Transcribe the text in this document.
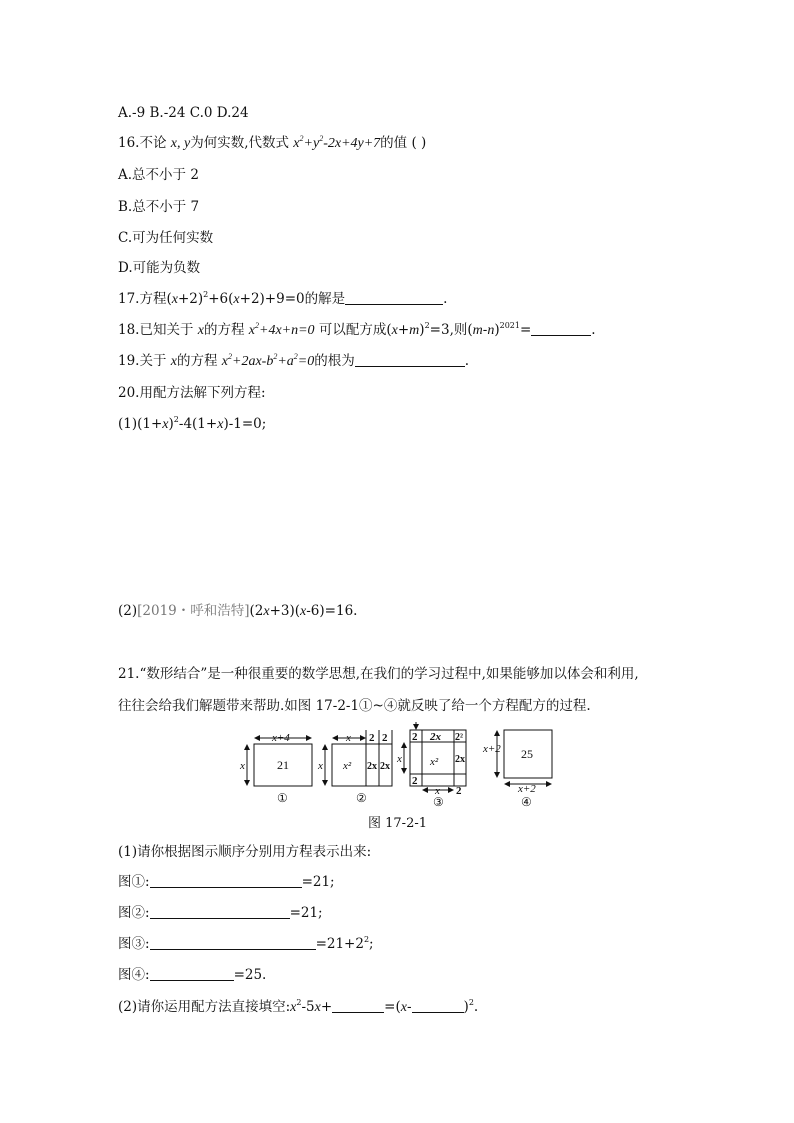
A.-9 B.-24 C.0 D.24
16.不论 x, y为何实数,代数式 $x^2+y^2-2x+4y+7$的值 ( )
A.总不小于 2
B.总不小于 7
C.可为任何实数
D.可能为负数
17.方程$(x+2)^2+6(x+2)+9=0$的解是	.
18.已知关于 x的方程 $x^2+4x+n=0$ 可以配方成$(x+m)^2=3$,则$(m-n)^{2021}=$	.
19.关于 x的方程 $x^2+2ax-b^2+a^2=0$的根为	.
20.用配方法解下列方程:
$(1)(1+x)^2-4(1+x)-1=0$;
(2)[2019・呼和浩特](2x+3)(x-6)=16.
21.“数形结合”是一种很重要的数学思想,在我们的学习过程中,如果能够加以体会和利用,
往往会给我们解题带来帮助.如图 17-2-1①~④就反映了给一个方程配方的过程.
x+4
x	21
①
x 2 2
x x² 2x 2x
②
2 2x 2²
x	x² 2x
2
x 2
③
x+2 25
x+2
④
图 17-2-1
(1)请你根据图示顺序分别用方程表示出来:
图①:	=21;
图②:	=21;
图③:	$=21+2^2$;
图④:	=25.
(2)请你运用配方法直接填空$:x^2-5x+$	=(x-	)$^2$.
